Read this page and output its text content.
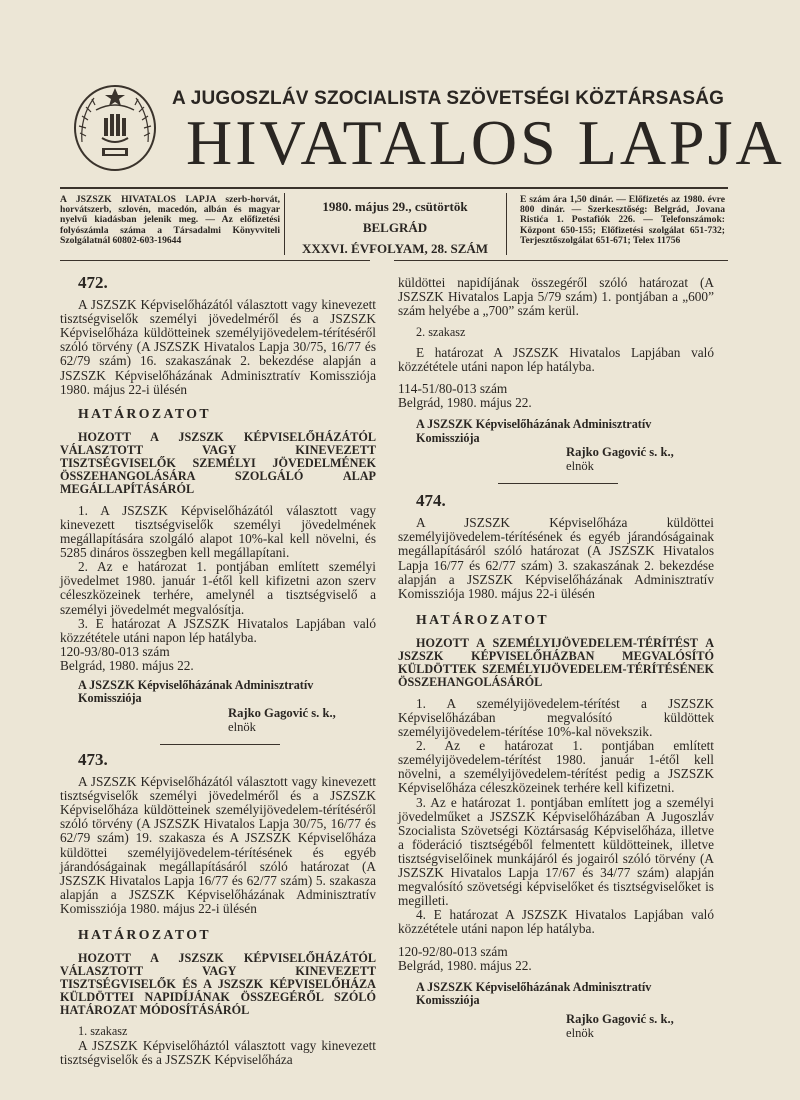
A JUGOSZLÁV SZOCIALISTA SZÖVETSÉGI KÖZTÁRSASÁG
HIVATALOS LAPJA
A JSZSZK HIVATALOS LAPJA szerb-horvát, horvátszerb, szlovén, macedón, albán és magyar nyelvű kiadásban jelenik meg. — Az előfizetési folyószámla száma a Társadalmi Könyvviteli Szolgálatnál 60802-603-19644
1980. május 29., csütörtök
BELGRÁD
XXXVI. ÉVFOLYAM, 28. SZÁM
E szám ára 1,50 dinár. — Előfizetés az 1980. évre 800 dinár. — Szerkesztőség: Belgrád, Jovana Ristića 1. Postafiók 226. — Telefonszámok: Központ 650-155; Előfizetési szolgálat 651-732; Terjesztőszolgálat 651-671; Telex 11756

472.

A JSZSZK Képviselőházától választott vagy kinevezett tisztségviselők személyi jövedelméről és a JSZSZK Képviselőháza küldötteinek személyijövedelem-térítéséről szóló törvény (A JSZSZK Hivatalos Lapja 30/75, 16/77 és 62/79 szám) 16. szakaszának 2. bekezdése alapján a JSZSZK Képviselőházának Adminisztratív Komissziója 1980. május 22-i ülésén

HATÁROZATOT

HOZOTT A JSZSZK KÉPVISELŐHÁZÁTÓL VÁLASZTOTT VAGY KINEVEZETT TISZTSÉGVISELŐK SZEMÉLYI JÖVEDELMÉNEK ÖSSZEHANGOLÁSÁRA SZOLGÁLÓ ALAP MEGÁLLAPÍTÁSÁRÓL

1. A JSZSZK Képviselőházától választott vagy kinevezett tisztségviselők személyi jövedelmének megállapítására szolgáló alapot 10%-kal kell növelni, és 5285 dináros összegben kell megállapítani.

2. Az e határozat 1. pontjában említett személyi jövedelmet 1980. január 1-étől kell kifizetni azon szerv céleszközeinek terhére, amelynél a tisztségviselő a személyi jövedelmét megvalósítja.

3. E határozat A JSZSZK Hivatalos Lapjában való közzététele utáni napon lép hatályba.

120-93/80-013 szám

Belgrád, 1980. május 22.

A JSZSZK Képviselőházának Adminisztratív

Komissziója

Rajko Gagović s. k.,

elnök

473.

A JSZSZK Képviselőházától választott vagy kinevezett tisztségviselők személyi jövedelméről és a JSZSZK Képviselőháza küldötteinek személyijövedelem-térítéséről szóló törvény (A JSZSZK Hivatalos Lapja 30/75, 16/77 és 62/79 szám) 19. szakasza és A JSZSZK Képviselőháza küldöttei személyijövedelem-térítésének és egyéb járandóságainak megállapításáról szóló határozat (A JSZSZK Hivatalos Lapja 16/77 és 62/77 szám) 5. szakasza alapján a JSZSZK Képviselőházának Adminisztratív Komissziója 1980. május 22-i ülésén

HATÁROZATOT

HOZOTT A JSZSZK KÉPVISELŐHÁZÁTÓL VÁLASZTOTT VAGY KINEVEZETT TISZTSÉGVISELŐK ÉS A JSZSZK KÉPVISELŐHÁZA KÜLDÖTTEI NAPIDÍJÁNAK ÖSSZEGÉRŐL SZÓLÓ HATÁROZAT MÓDOSÍTÁSÁRÓL

1. szakasz

A JSZSZK Képviselőháztól választott vagy kinevezett tisztségviselők és a JSZSZK Képviselőháza

küldöttei napidíjának összegéről szóló határozat (A JSZSZK Hivatalos Lapja 5/79 szám) 1. pontjában a „600” szám helyébe a „700” szám kerül.

2. szakasz

E határozat A JSZSZK Hivatalos Lapjában való közzététele utáni napon lép hatályba.

114-51/80-013 szám

Belgrád, 1980. május 22.

A JSZSZK Képviselőházának Adminisztratív

Komissziója

Rajko Gagović s. k.,

elnök

474.

A JSZSZK Képviselőháza küldöttei személyijövedelem-térítésének és egyéb járandóságainak megállapításáról szóló határozat (A JSZSZK Hivatalos Lapja 16/77 és 62/77 szám) 3. szakaszának 2. bekezdése alapján a JSZSZK Képviselőházának Adminisztratív Komissziója 1980. május 22-i ülésén

HATÁROZATOT

HOZOTT A SZEMÉLYIJÖVEDELEM-TÉRÍTÉST A JSZSZK KÉPVISELŐHÁZBAN MEGVALÓSÍTÓ KÜLDÖTTEK SZEMÉLYIJÖVEDELEM-TÉRÍTÉSÉNEK ÖSSZEHANGOLÁSÁRÓL

1. A személyijövedelem-térítést a JSZSZK Képviselőházában megvalósító küldöttek személyijövedelem-térítése 10%-kal növekszik.

2. Az e határozat 1. pontjában említett személyijövedelem-térítést 1980. január 1-étől kell növelni, a személyijövedelem-térítést pedig a JSZSZK Képviselőháza céleszközeinek terhére kell kifizetni.

3. Az e határozat 1. pontjában említett jog a személyi jövedelműket a JSZSZK Képviselőházában A Jugoszláv Szocialista Szövetségi Köztársaság Képviselőháza, illetve a föderáció tisztségéből felmentett küldötteinek, illetve tisztségviselőinek munkájáról és jogairól szóló törvény (A JSZSZK Hivatalos Lapja 17/67 és 34/77 szám) alapján megvalósító szövetségi képviselőket és tisztségviselőket is megilleti.

4. E határozat A JSZSZK Hivatalos Lapjában való közzététele utáni napon lép hatályba.

120-92/80-013 szám

Belgrád, 1980. május 22.

A JSZSZK Képviselőházának Adminisztratív

Komissziója

Rajko Gagović s. k.,

elnök
